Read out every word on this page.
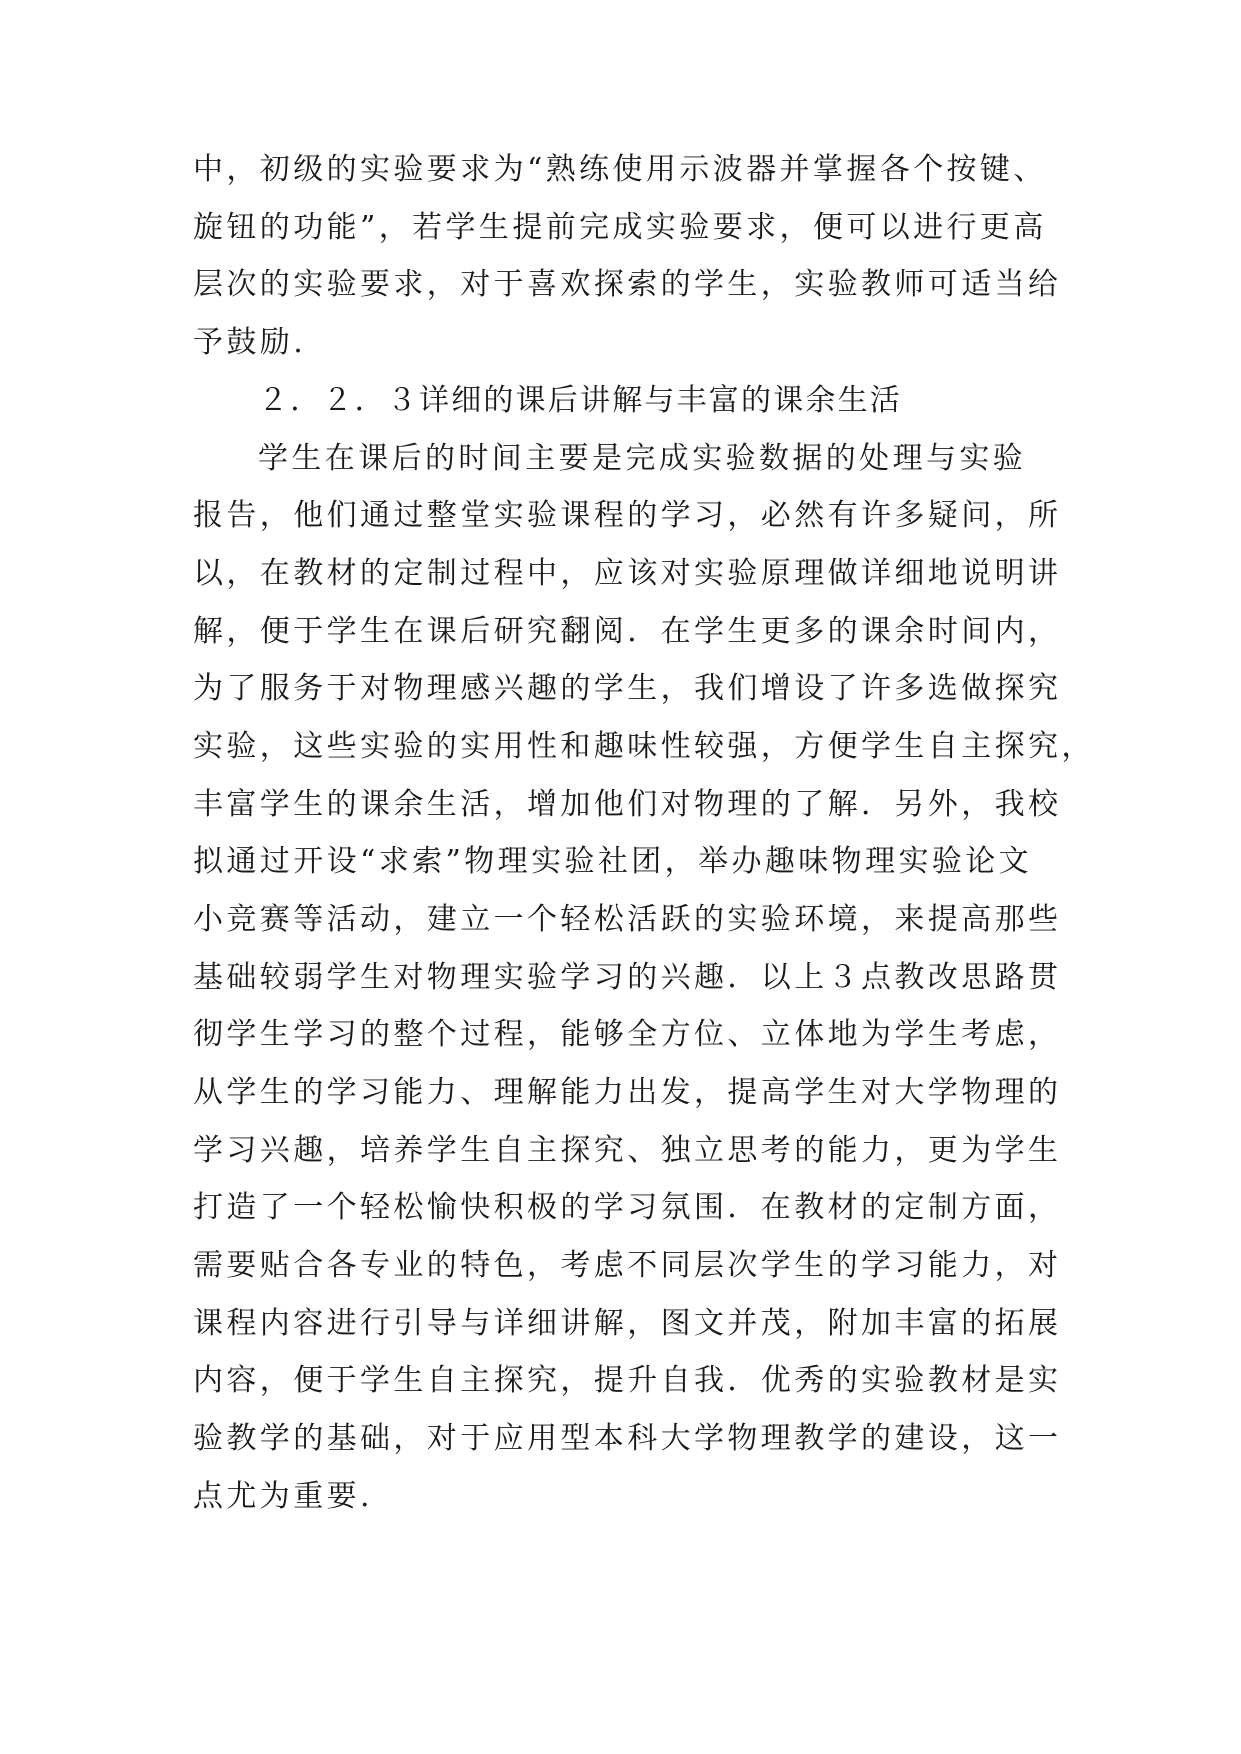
中，初级的实验要求为“熟练使用示波器并掌握各个按键、
旋钮的功能”，若学生提前完成实验要求，便可以进行更高
层次的实验要求，对于喜欢探索的学生，实验教师可适当给
予鼓励.
２．２．３详细的课后讲解与丰富的课余生活
学生在课后的时间主要是完成实验数据的处理与实验
报告，他们通过整堂实验课程的学习，必然有许多疑问，所
以，在教材的定制过程中，应该对实验原理做详细地说明讲
解，便于学生在课后研究翻阅．在学生更多的课余时间内，
为了服务于对物理感兴趣的学生，我们增设了许多选做探究
实验，这些实验的实用性和趣味性较强，方便学生自主探究，
丰富学生的课余生活，增加他们对物理的了解．另外，我校
拟通过开设“求索”物理实验社团，举办趣味物理实验论文
小竞赛等活动，建立一个轻松活跃的实验环境，来提高那些
基础较弱学生对物理实验学习的兴趣．以上３点教改思路贯
彻学生学习的整个过程，能够全方位、立体地为学生考虑，
从学生的学习能力、理解能力出发，提高学生对大学物理的
学习兴趣，培养学生自主探究、独立思考的能力，更为学生
打造了一个轻松愉快积极的学习氛围．在教材的定制方面，
需要贴合各专业的特色，考虑不同层次学生的学习能力，对
课程内容进行引导与详细讲解，图文并茂，附加丰富的拓展
内容，便于学生自主探究，提升自我．优秀的实验教材是实
验教学的基础，对于应用型本科大学物理教学的建设，这一
点尤为重要.
